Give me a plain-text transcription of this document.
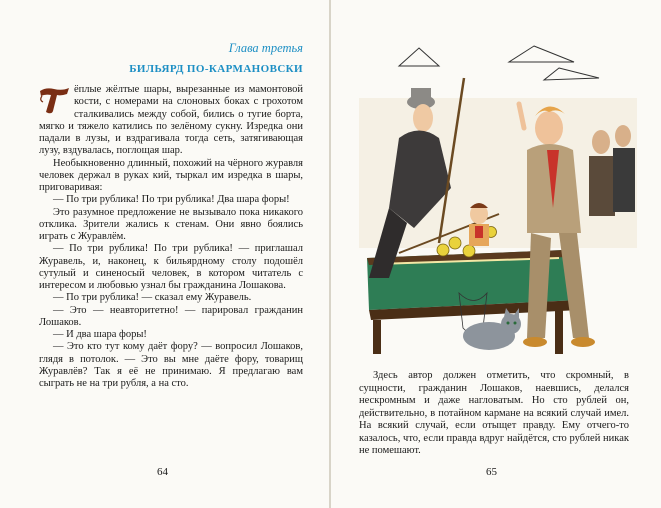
Глава третья
БИЛЬЯРД ПО-КАРМАНОВСКИ

ёплые жёлтые шары, вырезанные из мамонтовой кости, с номерами на слоновых боках с грохотом сталкивались между собой, бились о тугие борта, мягко и тяжело катились по зелёному сукну. Изредка они падали в лузы, и вздрагивала тогда сеть, затягивающая лузу, вздувалась, поглощая шар.

Необыкновенно длинный, похожий на чёрного журавля человек держал в руках кий, тыркал им изредка в шары, приговаривая:

— По три рублика! По три рублика! Два шара форы!

Это разумное предложение не вызывало пока никакого отклика. Зрители жались к стенам. Они явно боялись играть с Журавлём.

— По три рублика! По три рублика! — приглашал Журавель, и, наконец, к бильярдному столу подошёл сутулый и синеносый человек, в котором читатель с интересом и любовью узнал бы гражданина Лошакова.

— По три рублика! — сказал ему Журавель.

— Это — неавторитетно! — парировал гражданин Лошаков.

— И два шара форы!

— Это кто тут кому даёт фору? — вопросил Лошаков, глядя в потолок. — Это вы мне даёте фору, товарищ Журавлёв? Так я её не принимаю. Я предлагаю вам сыграть не на три рубля, а на сто.

64

Здесь автор должен отметить, что скромный, в сущности, гражданин Лошаков, наевшись, делался нескромным и даже нагловатым. Но сто рублей он, действительно, в потайном кармане на всякий случай имел. На всякий случай, если отыщет правду. Ему отчего-то казалось, что, если правда вдруг найдётся, сто рублей никак не помешают.

65
